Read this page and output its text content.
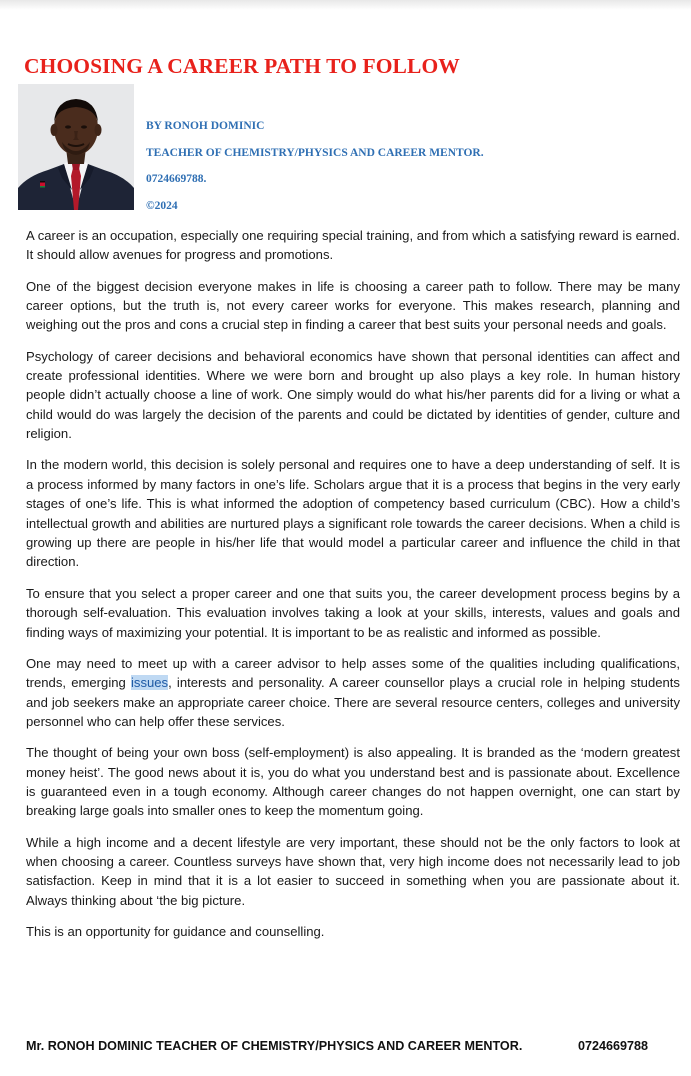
CHOOSING A CAREER PATH TO FOLLOW
BY RONOH DOMINIC
TEACHER OF CHEMISTRY/PHYSICS AND CAREER MENTOR.
0724669788.
©2024

A career is an occupation, especially one requiring special training, and from which a satisfying reward is earned. It should allow avenues for progress and promotions.

One of the biggest decision everyone makes in life is choosing a career path to follow. There may be many career options, but the truth is, not every career works for everyone. This makes research, planning and weighing out the pros and cons a crucial step in finding a career that best suits your personal needs and goals.

Psychology of career decisions and behavioral economics have shown that personal identities can affect and create professional identities. Where we were born and brought up also plays a key role. In human history people didn’t actually choose a line of work. One simply would do what his/her parents did for a living or what a child would do was largely the decision of the parents and could be dictated by identities of gender, culture and religion.

In the modern world, this decision is solely personal and requires one to have a deep understanding of self. It is a process informed by many factors in one’s life. Scholars argue that it is a process that begins in the very early stages of one’s life. This is what informed the adoption of competency based curriculum (CBC). How a child’s intellectual growth and abilities are nurtured plays a significant role towards the career decisions. When a child is growing up there are people in his/her life that would model a particular career and influence the child in that direction.

To ensure that you select a proper career and one that suits you, the career development process begins by a thorough self-evaluation. This evaluation involves taking a look at your skills, interests, values and goals and finding ways of maximizing your potential. It is important to be as realistic and informed as possible.

One may need to meet up with a career advisor to help asses some of the qualities including qualifications, trends, emerging issues, interests and personality. A career counsellor plays a crucial role in helping students and job seekers make an appropriate career choice. There are several resource centers, colleges and university personnel who can help offer these services.

The thought of being your own boss (self-employment) is also appealing. It is branded as the ‘modern greatest money heist’. The good news about it is, you do what you understand best and is passionate about. Excellence is guaranteed even in a tough economy. Although career changes do not happen overnight, one can start by breaking large goals into smaller ones to keep the momentum going.

While a high income and a decent lifestyle are very important, these should not be the only factors to look at when choosing a career. Countless surveys have shown that, very high income does not necessarily lead to job satisfaction. Keep in mind that it is a lot easier to succeed in something when you are passionate about it. Always thinking about ‘the big picture.

This is an opportunity for guidance and counselling.

Mr. RONOH DOMINIC TEACHER OF CHEMISTRY/PHYSICS AND CAREER MENTOR.	0724669788
